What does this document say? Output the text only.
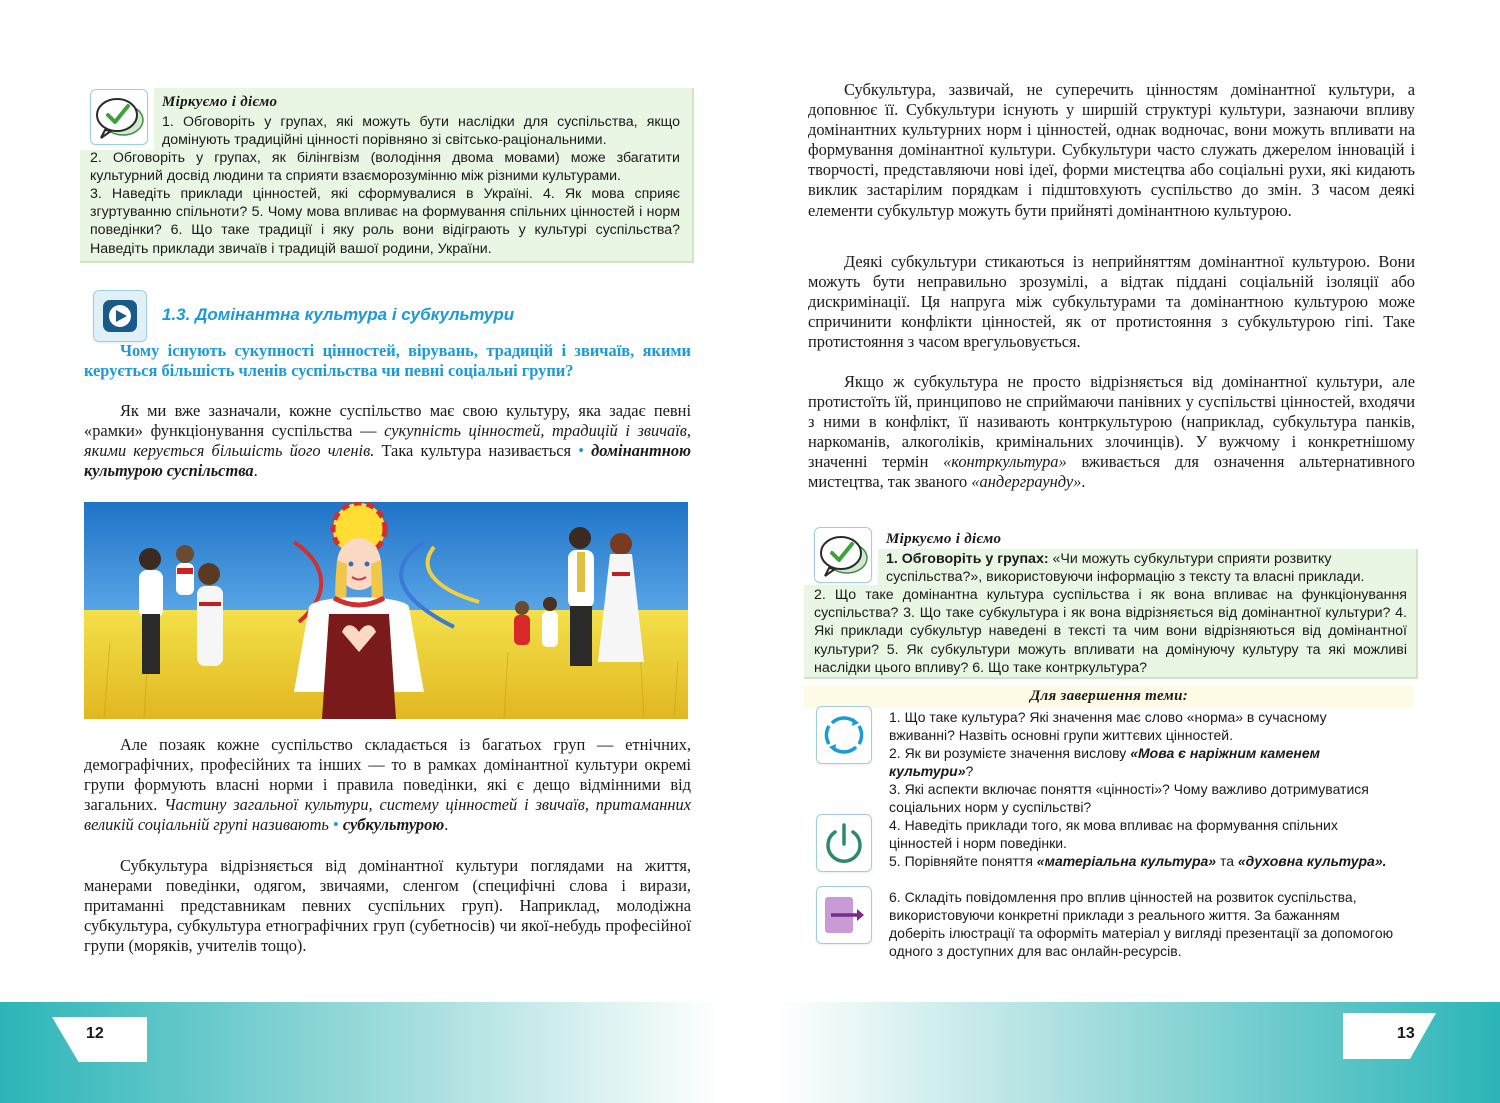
Міркуємо і діємо
1. Обговоріть у групах, які можуть бути наслідки для суспільства, якщо домінують традиційні цінності порівняно зі світсько-раціональними.
2. Обговоріть у групах, як білінгвізм (володіння двома мовами) може збагатити культурний досвід людини та сприяти взаєморозумінню між різними культурами.
3. Наведіть приклади цінностей, які сформувалися в Україні. 4. Як мова сприяє згуртуванню спільноти? 5. Чому мова впливає на формування спільних цінностей і норм поведінки? 6. Що таке традиції і яку роль вони відіграють у культурі суспільства? Наведіть приклади звичаїв і традицій вашої родини, України.
1.3. Домінантна культура і субкультури

Чому існують сукупності цінностей, вірувань, традицій і звичаїв, якими керується більшість членів суспільства чи певні соціальні групи?

Як ми вже зазначали, кожне суспільство має свою культуру, яка задає певні «рамки» функціонування суспільства — сукупність цінностей, традицій і звичаїв, якими керується більшість його членів. Така культура називається • домінантною культурою суспільства.

Але позаяк кожне суспільство складається із багатьох груп — етнічних, демографічних, професійних та інших — то в рамках домінантної культури окремі групи формують власні норми і правила поведінки, які є дещо відмінними від загальних. Частину загальної культури, систему цінностей і звичаїв, притаманних великій соціальній групі називають • субкультурою.

Субкультура відрізняється від домінантної культури поглядами на життя, манерами поведінки, одягом, звичаями, сленгом (специфічні слова і вирази, притаманні представникам певних суспільних груп). Наприклад, молодіжна субкультура, субкультура етнографічних груп (субетносів) чи якої-небудь професійної групи (моряків, учителів тощо).

12

Субкультура, зазвичай, не суперечить цінностям домінантної культури, а доповнює її. Субкультури існують у ширшій структурі культури, зазнаючи впливу домінантних культурних норм і цінностей, однак водночас, вони можуть впливати на формування домінантної культури. Субкультури часто служать джерелом інновацій і творчості, представляючи нові ідеї, форми мистецтва або соціальні рухи, які кидають виклик застарілим порядкам і підштовхують суспільство до змін. З часом деякі елементи субкультур можуть бути прийняті домінантною культурою.

Деякі субкультури стикаються із неприйняттям домінантної культурою. Вони можуть бути неправильно зрозумілі, а відтак піддані соціальній ізоляції або дискримінації. Ця напруга між субкультурами та домінантною культурою може спричинити конфлікти цінностей, як от протистояння з субкультурою гіпі. Таке протистояння з часом врегульовується.

Якщо ж субкультура не просто відрізняється від домінантної культури, але протистоїть їй, принципово не сприймаючи панівних у суспільстві цінностей, входячи з ними в конфлікт, її називають контркультурою (наприклад, субкультура панків, наркоманів, алкоголіків, кримінальних злочинців). У вужчому і конкретнішому значенні термін «контркультура» вживається для означення альтернативного мистецтва, так званого «андерграунду».

Міркуємо і діємо
1. Обговоріть у групах: «Чи можуть субкультури сприяти розвитку суспільства?», використовуючи інформацію з тексту та власні приклади.
2. Що таке домінантна культура суспільства і як вона впливає на функціонування суспільства? 3. Що таке субкультура і як вона відрізняється від домінантної культури? 4. Які приклади субкультур наведені в тексті та чим вони відрізняються від домінантної культури? 5. Як субкультури можуть впливати на домінуючу культуру та які можливі наслідки цього впливу? 6. Що таке контркультура?
Для завершення теми:
1. Що таке культура? Які значення має слово «норма» в сучасному вживанні? Назвіть основні групи життєвих цінностей.
2. Як ви розумієте значення вислову «Мова є наріжним каменем культури»?
3. Які аспекти включає поняття «цінності»? Чому важливо дотримуватися соціальних норм у суспільстві?
4. Наведіть приклади того, як мова впливає на формування спільних цінностей і норм поведінки.
5. Порівняйте поняття «матеріальна культура» та «духовна культура».
6. Складіть повідомлення про вплив цінностей на розвиток суспільства, використовуючи конкретні приклади з реального життя. За бажанням доберіть ілюстрації та оформіть матеріал у вигляді презентації за допомогою одного з доступних для вас онлайн-ресурсів.
13
